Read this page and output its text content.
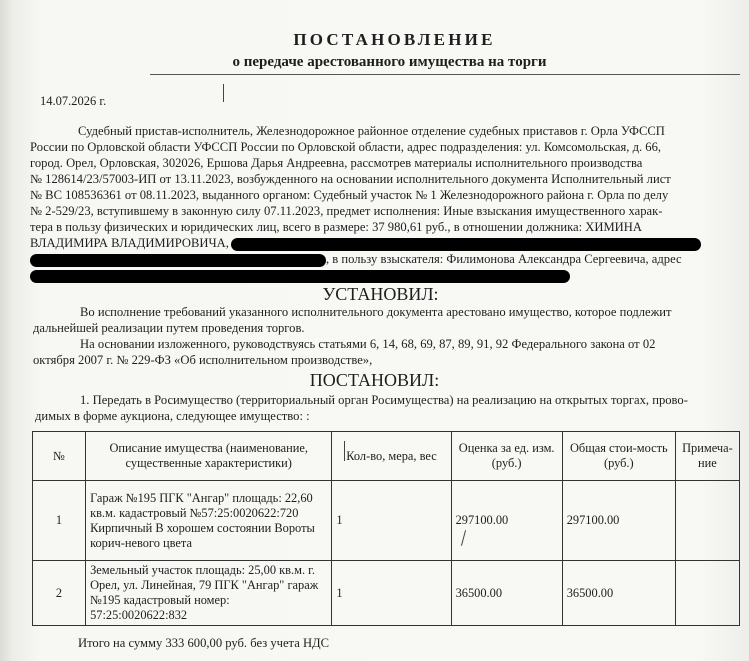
ПОСТАНОВЛЕНИЕ
о передаче арестованного имущества на торги
14.07.2026 г.
Судебный пристав-исполнитель, Железнодорожное районное отделение судебных приставов г. Орла УФССП
России по Орловской области УФССП России по Орловской области, адрес подразделения: ул. Комсомольская, д. 66,
город. Орел, Орловская, 302026, Ершова Дарья Андреевна, рассмотрев материалы исполнительного производства
№ 128614/23/57003-ИП от 13.11.2023, возбужденного на основании исполнительного документа Исполнительный лист
№ ВС 108536361 от 08.11.2023, выданного органом: Судебный участок № 1 Железнодорожного района г. Орла по делу
№ 2-529/23, вступившему в законную силу 07.11.2023, предмет исполнения: Иные взыскания имущественного харак-
тера в пользу физических и юридических лиц, всего в размере: 37 980,61 руб., в отношении должника: ХИМИНА
ВЛАДИМИРА ВЛАДИМИРОВИЧА,
, в пользу взыскателя: Филимонова Александра Сергеевича, адрес
УСТАНОВИЛ:
Во исполнение требований указанного исполнительного документа арестовано имущество, которое подлежит
дальнейшей реализации путем проведения торгов.
На основании изложенного, руководствуясь статьями 6, 14, 68, 69, 87, 89, 91, 92 Федерального закона от 02
октября 2007 г. № 229-ФЗ «Об исполнительном производстве»,
ПОСТАНОВИЛ:
1. Передать в Росимущество (территориальный орган Росимущества) на реализацию на открытых торгах, прово-
димых в форме аукциона, следующее имущество: :
№	Описание имущества (наименование, существенные характеристики)	Кол-во, мера, вес	Оценка за ед. изм. (руб.)	Общая стои-мость (руб.)	Примеча-ние
1	Гараж №195 ПГК "Ангар" площадь: 22,60 кв.м. кадастровый №57:25:0020622:720 Кирпичный В хорошем состоянии Вороты корич-невого цвета	1	297100.00	297100.00	
2	Земельный участок площадь: 25,00 кв.м. г. Орел, ул. Линейная, 79 ПГК "Ангар" гараж №195 кадастровый номер: 57:25:0020622:832	1	36500.00	36500.00	
Итого на сумму 333 600,00 руб. без учета НДС
